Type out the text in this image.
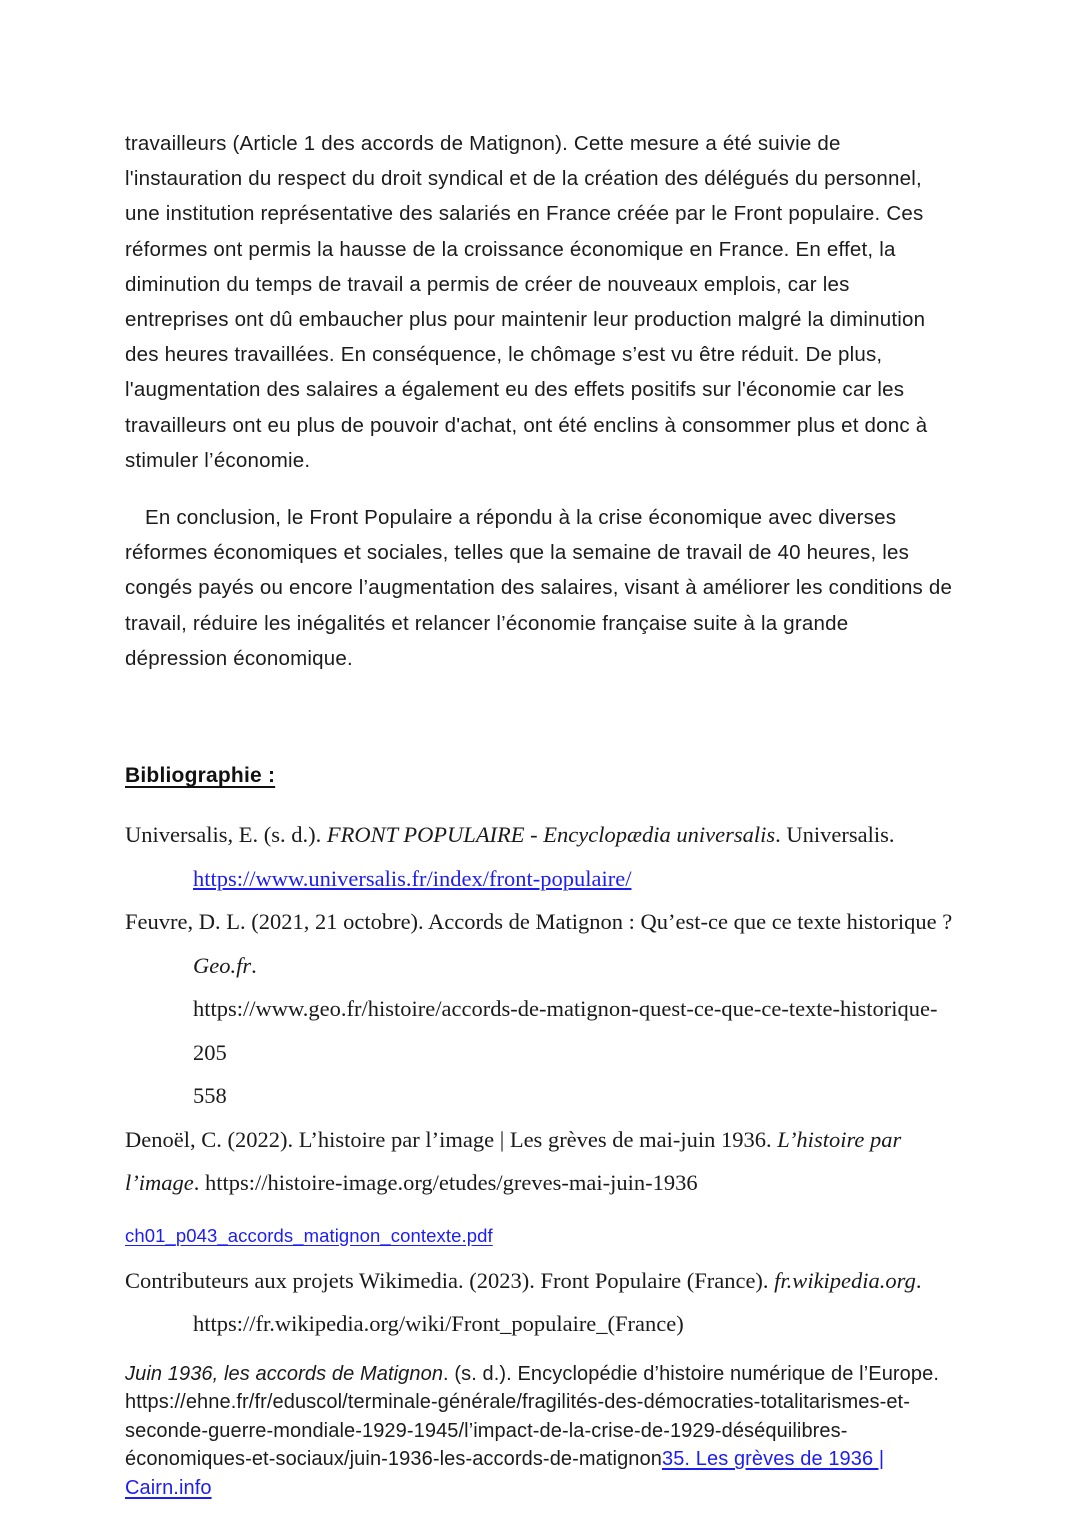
travailleurs (Article 1 des accords de Matignon). Cette mesure a été suivie de l'instauration du respect du droit syndical et de la création des délégués du personnel, une institution représentative des salariés en France créée par le Front populaire. Ces réformes ont permis la hausse de la croissance économique en France. En effet, la diminution du temps de travail a permis de créer de nouveaux emplois, car les entreprises ont dû embaucher plus pour maintenir leur production malgré la diminution des heures travaillées. En conséquence, le chômage s’est vu être réduit. De plus, l'augmentation des salaires a également eu des effets positifs sur l'économie car les travailleurs ont eu plus de pouvoir d'achat, ont été enclins à consommer plus et donc à stimuler l’économie.

En conclusion, le Front Populaire a répondu à la crise économique avec diverses réformes économiques et sociales, telles que la semaine de travail de 40 heures, les congés payés ou encore l’augmentation des salaires, visant à améliorer les conditions de travail, réduire les inégalités et relancer l’économie française suite à la grande dépression économique.

Bibliographie :

Universalis, E. (s. d.). FRONT POPULAIRE - Encyclopædia universalis. Universalis.

https://www.universalis.fr/index/front-populaire/

Feuvre, D. L. (2021, 21 octobre). Accords de Matignon : Qu’est-ce que ce texte historique ?

Geo.fr.

https://www.geo.fr/histoire/accords-de-matignon-quest-ce-que-ce-texte-historique-205

558

Denoël, C. (2022). L’histoire par l’image | Les grèves de mai-juin 1936. L’histoire par

l’image. https://histoire-image.org/etudes/greves-mai-juin-1936

ch01_p043_accords_matignon_contexte.pdf

Contributeurs aux projets Wikimedia. (2023). Front Populaire (France). fr.wikipedia.org.

https://fr.wikipedia.org/wiki/Front_populaire_(France)

Juin 1936, les accords de Matignon. (s. d.). Encyclopédie d’histoire numérique de l’Europe. https://ehne.fr/fr/eduscol/terminale-générale/fragilités-des-démocraties-totalitarismes-et-seconde-guerre-mondiale-1929-1945/l’impact-de-la-crise-de-1929-déséquilibres-économiques-et-sociaux/juin-1936-les-accords-de-matignon35. Les grèves de 1936 | Cairn.info
